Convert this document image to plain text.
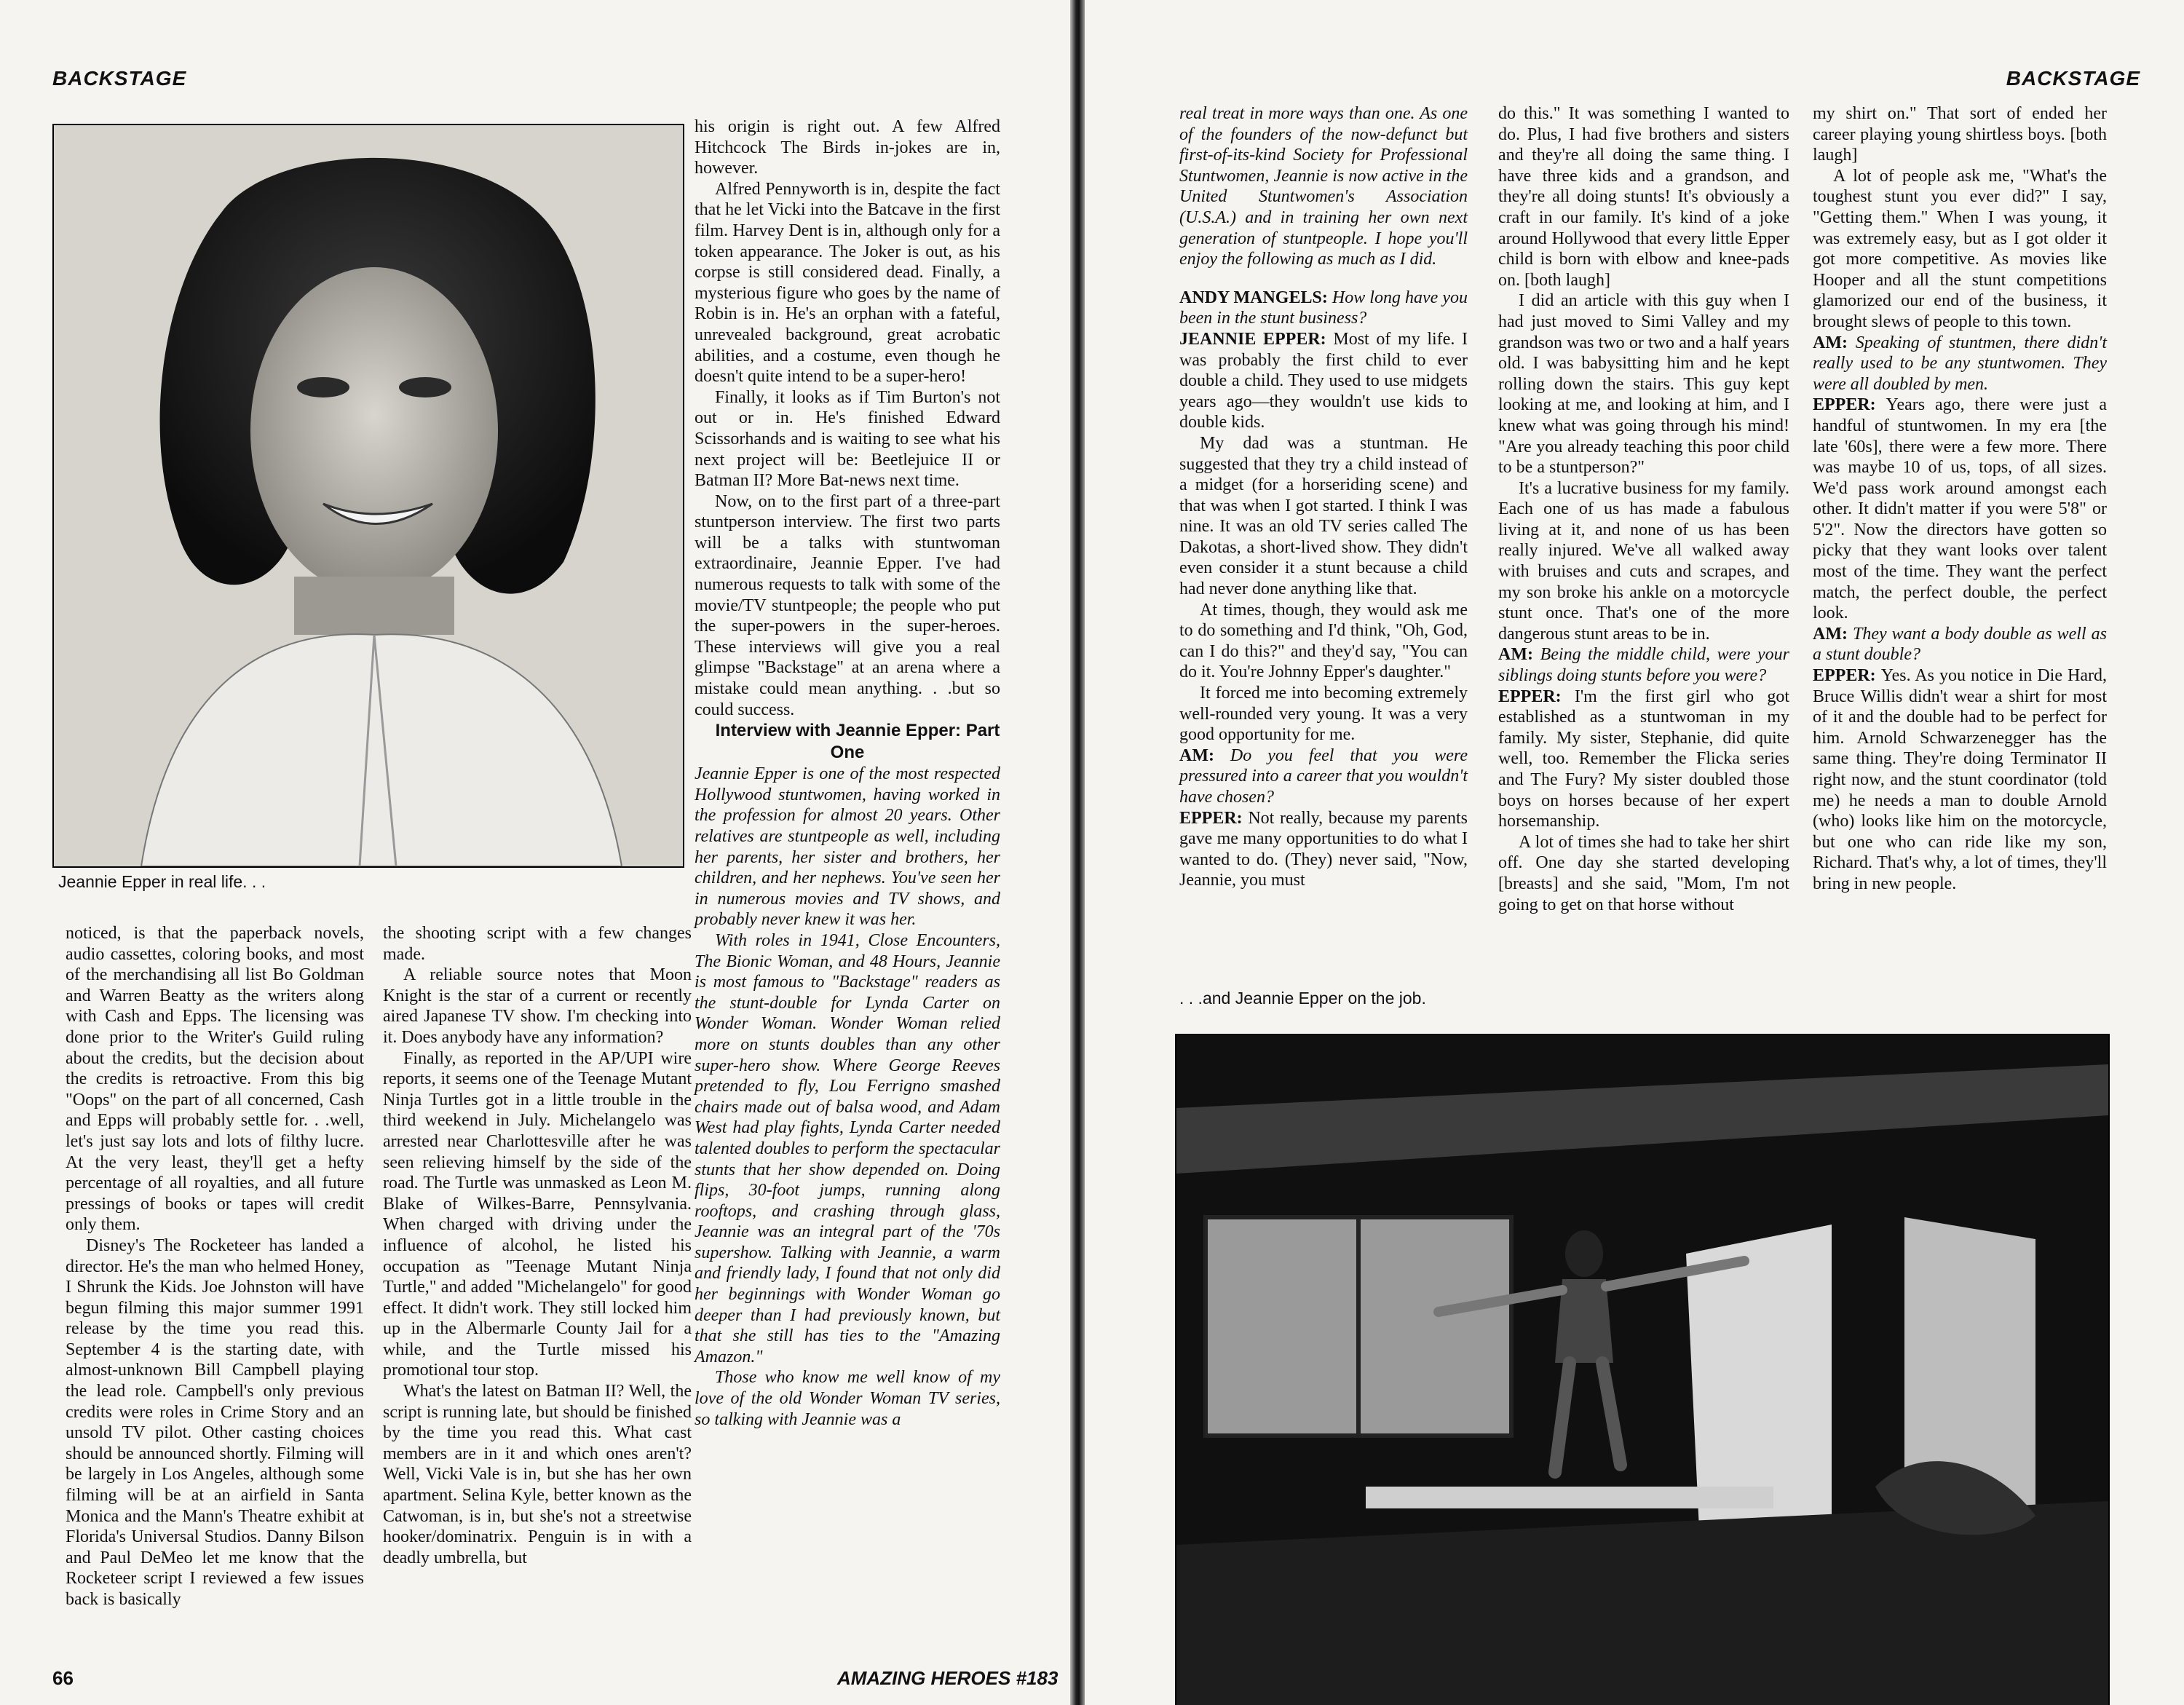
BACKSTAGE
Jeannie Epper in real life. . .

noticed, is that the paperback novels, audio cassettes, coloring books, and most of the merchandising all list Bo Goldman and Warren Beatty as the writers along with Cash and Epps. The licensing was done prior to the Writer's Guild ruling about the credits, but the decision about the credits is retroactive. From this big "Oops" on the part of all concerned, Cash and Epps will probably settle for. . .well, let's just say lots and lots of filthy lucre. At the very least, they'll get a hefty percentage of all royalties, and all future pressings of books or tapes will credit only them.

Disney's The Rocketeer has landed a director. He's the man who helmed Honey, I Shrunk the Kids. Joe Johnston will have begun filming this major summer 1991 release by the time you read this. September 4 is the starting date, with almost-unknown Bill Campbell playing the lead role. Campbell's only previous credits were roles in Crime Story and an unsold TV pilot. Other casting choices should be announced shortly. Filming will be largely in Los Angeles, although some filming will be at an airfield in Santa Monica and the Mann's Theatre exhibit at Florida's Universal Studios. Danny Bilson and Paul DeMeo let me know that the Rocketeer script I reviewed a few issues back is basically

the shooting script with a few changes made.

A reliable source notes that Moon Knight is the star of a current or recently aired Japanese TV show. I'm checking into it. Does anybody have any information?

Finally, as reported in the AP/UPI wire reports, it seems one of the Teenage Mutant Ninja Turtles got in a little trouble in the third weekend in July. Michelangelo was arrested near Charlottesville after he was seen relieving himself by the side of the road. The Turtle was unmasked as Leon M. Blake of Wilkes-Barre, Pennsylvania. When charged with driving under the influence of alcohol, he listed his occupation as "Teenage Mutant Ninja Turtle," and added "Michelangelo" for good effect. It didn't work. They still locked him up in the Albermarle County Jail for a while, and the Turtle missed his promotional tour stop.

What's the latest on Batman II? Well, the script is running late, but should be finished by the time you read this. What cast members are in it and which ones aren't? Well, Vicki Vale is in, but she has her own apartment. Selina Kyle, better known as the Catwoman, is in, but she's not a streetwise hooker/dominatrix. Penguin is in with a deadly umbrella, but

his origin is right out. A few Alfred Hitchcock The Birds in-jokes are in, however.

Alfred Pennyworth is in, despite the fact that he let Vicki into the Batcave in the first film. Harvey Dent is in, although only for a token appearance. The Joker is out, as his corpse is still considered dead. Finally, a mysterious figure who goes by the name of Robin is in. He's an orphan with a fateful, unrevealed background, great acrobatic abilities, and a costume, even though he doesn't quite intend to be a super-hero!

Finally, it looks as if Tim Burton's not out or in. He's finished Edward Scissorhands and is waiting to see what his next project will be: Beetlejuice II or Batman II? More Bat-news next time.

Now, on to the first part of a three-part stuntperson interview. The first two parts will be a talks with stuntwoman extraordinaire, Jeannie Epper. I've had numerous requests to talk with some of the movie/TV stuntpeople; the people who put the super-powers in the super-heroes. These interviews will give you a real glimpse "Backstage" at an arena where a mistake could mean anything. . .but so could success.

Interview with Jeannie Epper: Part One

Jeannie Epper is one of the most respected Hollywood stuntwomen, having worked in the profession for almost 20 years. Other relatives are stuntpeople as well, including her parents, her sister and brothers, her children, and her nephews. You've seen her in numerous movies and TV shows, and probably never knew it was her.

With roles in 1941, Close Encounters, The Bionic Woman, and 48 Hours, Jeannie is most famous to "Backstage" readers as the stunt-double for Lynda Carter on Wonder Woman. Wonder Woman relied more on stunts doubles than any other super-hero show. Where George Reeves pretended to fly, Lou Ferrigno smashed chairs made out of balsa wood, and Adam West had play fights, Lynda Carter needed talented doubles to perform the spectacular stunts that her show depended on. Doing flips, 30-foot jumps, running along rooftops, and crashing through glass, Jeannie was an integral part of the '70s supershow. Talking with Jeannie, a warm and friendly lady, I found that not only did her beginnings with Wonder Woman go deeper than I had previously known, but that she still has ties to the "Amazing Amazon."

Those who know me well know of my love of the old Wonder Woman TV series, so talking with Jeannie was a

66	AMAZING HEROES #183
BACKSTAGE

real treat in more ways than one. As one of the founders of the now-defunct but first-of-its-kind Society for Professional Stuntwomen, Jeannie is now active in the United Stuntwomen's Association (U.S.A.) and in training her own next generation of stuntpeople. I hope you'll enjoy the following as much as I did.

ANDY MANGELS: How long have you been in the stunt business?

JEANNIE EPPER: Most of my life. I was probably the first child to ever double a child. They used to use midgets years ago—they wouldn't use kids to double kids.

My dad was a stuntman. He suggested that they try a child instead of a midget (for a horseriding scene) and that was when I got started. I think I was nine. It was an old TV series called The Dakotas, a short-lived show. They didn't even consider it a stunt because a child had never done anything like that.

At times, though, they would ask me to do something and I'd think, "Oh, God, can I do this?" and they'd say, "You can do it. You're Johnny Epper's daughter."

It forced me into becoming extremely well-rounded very young. It was a very good opportunity for me.

AM: Do you feel that you were pressured into a career that you wouldn't have chosen?

EPPER: Not really, because my parents gave me many opportunities to do what I wanted to do. (They) never said, "Now, Jeannie, you must

do this." It was something I wanted to do. Plus, I had five brothers and sisters and they're all doing the same thing. I have three kids and a grandson, and they're all doing stunts! It's obviously a craft in our family. It's kind of a joke around Hollywood that every little Epper child is born with elbow and knee-pads on. [both laugh]

I did an article with this guy when I had just moved to Simi Valley and my grandson was two or two and a half years old. I was babysitting him and he kept rolling down the stairs. This guy kept looking at me, and looking at him, and I knew what was going through his mind! "Are you already teaching this poor child to be a stuntperson?"

It's a lucrative business for my family. Each one of us has made a fabulous living at it, and none of us has been really injured. We've all walked away with bruises and cuts and scrapes, and my son broke his ankle on a motorcycle stunt once. That's one of the more dangerous stunt areas to be in.

AM: Being the middle child, were your siblings doing stunts before you were?

EPPER: I'm the first girl who got established as a stuntwoman in my family. My sister, Stephanie, did quite well, too. Remember the Flicka series and The Fury? My sister doubled those boys on horses because of her expert horsemanship.

A lot of times she had to take her shirt off. One day she started developing [breasts] and she said, "Mom, I'm not going to get on that horse without

my shirt on." That sort of ended her career playing young shirtless boys. [both laugh]

A lot of people ask me, "What's the toughest stunt you ever did?" I say, "Getting them." When I was young, it was extremely easy, but as I got older it got more competitive. As movies like Hooper and all the stunt competitions glamorized our end of the business, it brought slews of people to this town.

AM: Speaking of stuntmen, there didn't really used to be any stuntwomen. They were all doubled by men.

EPPER: Years ago, there were just a handful of stuntwomen. In my era [the late '60s], there were a few more. There was maybe 10 of us, tops, of all sizes. We'd pass work around amongst each other. It didn't matter if you were 5'8" or 5'2". Now the directors have gotten so picky that they want looks over talent most of the time. They want the perfect match, the perfect double, the perfect look.

AM: They want a body double as well as a stunt double?

EPPER: Yes. As you notice in Die Hard, Bruce Willis didn't wear a shirt for most of it and the double had to be perfect for him. Arnold Schwarzenegger has the same thing. They're doing Terminator II right now, and the stunt coordinator (told me) he needs a man to double Arnold (who) looks like him on the motorcycle, but one who can ride like my son, Richard. That's why, a lot of times, they'll bring in new people.

. . .and Jeannie Epper on the job.
